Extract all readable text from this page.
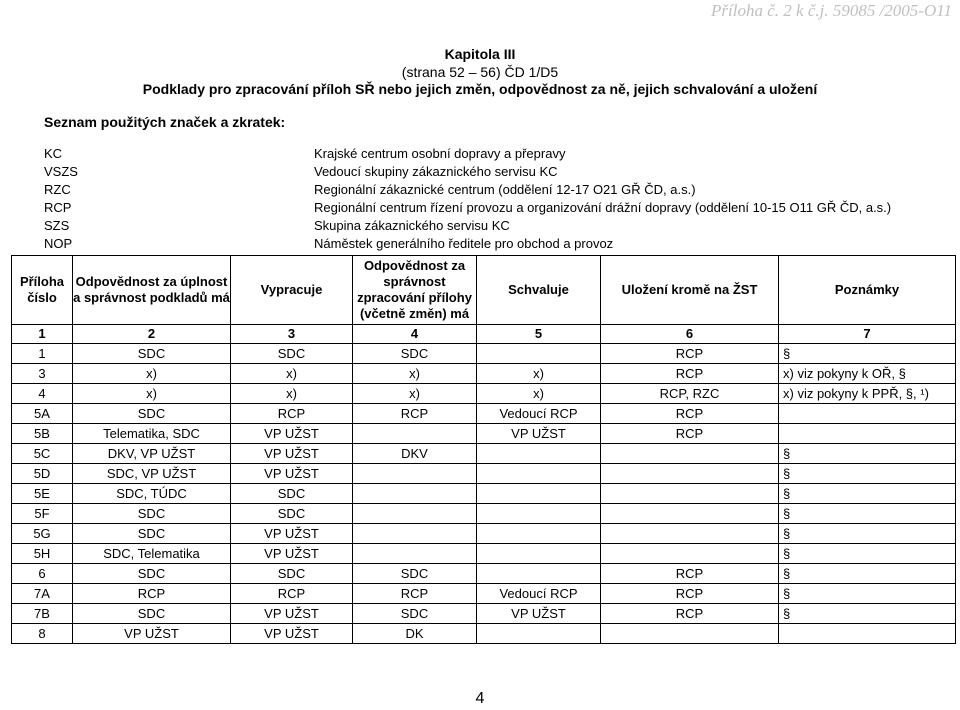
Příloha č. 2 k č.j. 59085 /2005-O11
Kapitola III
(strana 52 – 56) ČD 1/D5
Podklady pro zpracování příloh SŘ nebo jejich změn, odpovědnost za ně, jejich schvalování a uložení
Seznam použitých značek a zkratek:
KC	Krajské centrum osobní dopravy a přepravy
VSZS	Vedoucí skupiny zákaznického servisu KC
RZC	Regionální zákaznické centrum (oddělení 12-17 O21 GŘ ČD, a.s.)
RCP	Regionální centrum řízení provozu a organizování drážní dopravy (oddělení 10-15 O11 GŘ ČD, a.s.)
SZS	Skupina zákaznického servisu KC
NOP	Náměstek generálního ředitele pro obchod a provoz
Příloha číslo	Odpovědnost za úplnost a správnost podkladů má	Vypracuje	Odpovědnost za správnost zpracování přílohy (včetně změn) má	Schvaluje	Uložení kromě na ŽST	Poznámky
1	2	3	4	5	6	7
1	SDC	SDC	SDC		RCP	§
3	x)	x)	x)	x)	RCP	x) viz pokyny k OŘ, §
4	x)	x)	x)	x)	RCP, RZC	x) viz pokyny k PPŘ, §, ¹)
5A	SDC	RCP	RCP	Vedoucí RCP	RCP	
5B	Telematika, SDC	VP UŽST		VP UŽST	RCP	
5C	DKV, VP UŽST	VP UŽST	DKV			§
5D	SDC, VP UŽST	VP UŽST				§
5E	SDC, TÚDC	SDC				§
5F	SDC	SDC				§
5G	SDC	VP UŽST				§
5H	SDC, Telematika	VP UŽST				§
6	SDC	SDC	SDC		RCP	§
7A	RCP	RCP	RCP	Vedoucí RCP	RCP	§
7B	SDC	VP UŽST	SDC	VP UŽST	RCP	§
8	VP UŽST	VP UŽST	DK			
4
